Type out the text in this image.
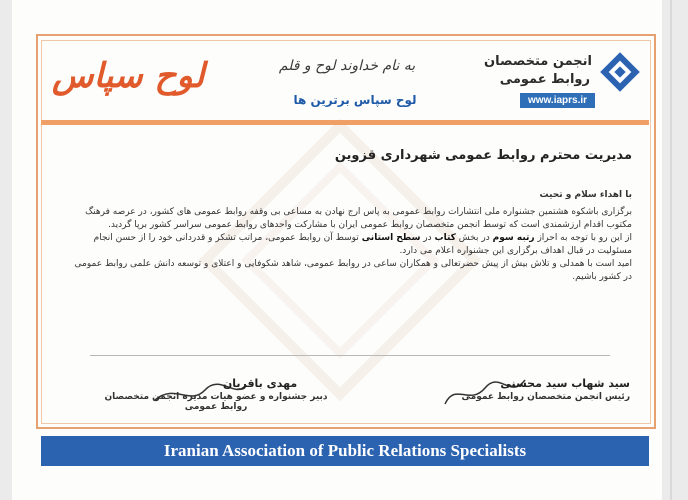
انجمن متخصصان
روابط عمومی
www.iaprs.ir
به نام خداوند لوح و قلم
لوح سپاس برترین ها
لوح سپاس
مدیریت محترم روابط عمومی شهرداری قزوین
با اهداء سلام و تحیت

برگزاری باشکوه هشتمین جشنواره ملی انتشارات روابط عمومی به پاس ارج نهادن به مساعی بی وقفه روابط عمومی های کشور، در عرصه فرهنگ مکتوب اقدام ارزشمندی است که توسط انجمن متخصصان روابط عمومی ایران با مشارکت واحدهای روابط عمومی سراسر کشور برپا گردید.

از این رو با توجه به احراز رتبه سوم در بخش کتاب در سطح استانی توسط آن روابط عمومی، مراتب تشکر و قدردانی خود را از حسن انجام مسئولیت در قبال اهداف برگزاری این جشنواره اعلام می دارد.

امید است با همدلی و تلاش بیش از پیش حضرتعالی و همکاران ساعی در روابط عمومی، شاهد شکوفایی و اعتلای و توسعه دانش علمی روابط عمومی در کشور باشیم.

مهدی باقریان
دبیر جشنواره و عضو هیات مدیره انجمن متخصصان روابط عمومی
سید شهاب سید محسنی
رئیس انجمن متخصصان روابط عمومی
Iranian Association of Public Relations Specialists
